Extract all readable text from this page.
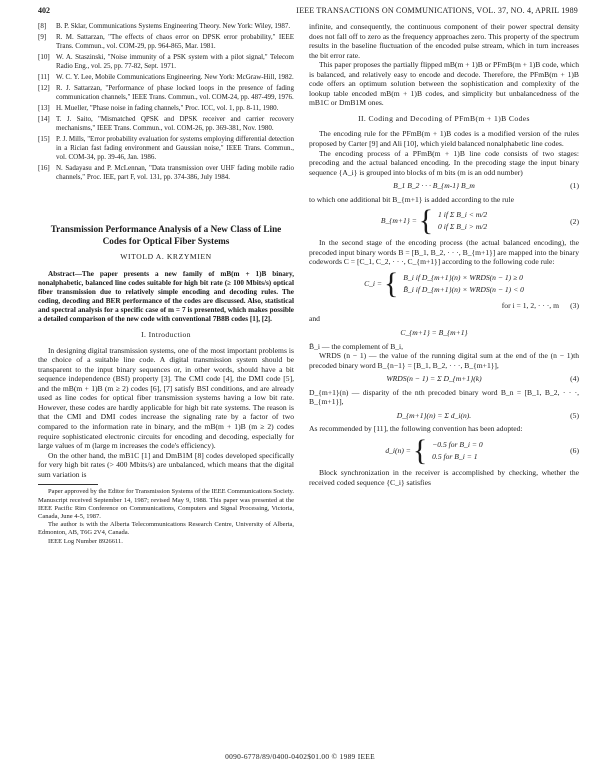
402	IEEE TRANSACTIONS ON COMMUNICATIONS, VOL. 37, NO. 4, APRIL 1989
[8]	B. P. Sklar, Communications Systems Engineering Theory. New York: Wiley, 1987.
[9]	R. M. Sattarzan, "The effects of chaos error on DPSK error probability," IEEE Trans. Commun., vol. COM-29, pp. 964-865, Mar. 1981.
[10] W. A. Staszinski, "Noise immunity of a PSK system with a pilot signal," Telecom Radio Eng., vol. 25, pp. 77-82, Sept. 1971.
[11] W. C. Y. Lee, Mobile Communications Engineering. New York: McGraw-Hill, 1982.
[12] R. J. Sattarzan, "Performance of phase locked loops in the presence of fading communication channels," IEEE Trans. Commun., vol. COM-24, pp. 487-499, 1976.
[13] H. Mueller, "Phase noise in fading channels," Proc. ICC, vol. 1, pp. 8-11, 1980.
[14] T. J. Saito, "Mismatched QPSK and DPSK receiver and carrier recovery mechanisms," IEEE Trans. Commun., vol. COM-26, pp. 369-381, Nov. 1980.
[15] P. J. Mills, "Error probability evaluation for systems employing differential detection in a Rician fast fading environment and Gaussian noise," IEEE Trans. Commun., vol. COM-34, pp. 39-46, Jan. 1986.
[16] N. Sadayasu and P. McLennan, "Data transmission over UHF fading mobile radio channels," Proc. IEE, part F, vol. 131, pp. 374-386, July 1984.
Transmission Performance Analysis of a New Class of Line Codes for Optical Fiber Systems
WITOLD A. KRZYMIEN

Abstract—The paper presents a new family of mB(m + 1)B binary, nonalphabetic, balanced line codes suitable for high bit rate (≥ 100 Mbits/s) optical fiber transmission due to relatively simple encoding and decoding rules. The coding, decoding and BER performance of the codes are discussed. Also, statistical and spectral analysis for a specific case of m = 7 is presented, which makes possible a detailed comparison of the new code with conventional 7B8B codes [1], [2].

I. Introduction

In designing digital transmission systems, one of the most important problems is the choice of a suitable line code. A digital transmission system should be transparent to the input binary sequences or, in other words, should have a bit sequence independence (BSI) property [3]. The CMI code [4], the DMI code [5], and the mB(m + 1)B (m ≥ 2) codes [6], [7] satisfy BSI conditions, and are already used as line codes for optical fiber transmission systems having a low bit rate. However, these codes are hardly applicable for high bit rate systems. The reason is that the CMI and DMI codes increase the signaling rate by a factor of two compared to the information rate in binary, and the mB(m + 1)B (m ≥ 2) codes require sophisticated electronic circuits for encoding and decoding, especially for large values of m (large m increases the code's efficiency).

On the other hand, the mB1C [1] and DmB1M [8] codes developed specifically for very high bit rates (> 400 Mbits/s) are unbalanced, which means that the digital sum variation is

Paper approved by the Editor for Transmission Systems of the IEEE Communications Society. Manuscript received September 14, 1987; revised May 9, 1988. This paper was presented at the IEEE Pacific Rim Conference on Communications, Computers and Signal Processing, Victoria, Canada, June 4-5, 1987.

The author is with the Alberta Telecommunications Research Centre, University of Alberta, Edmonton, AB, T6G 2V4, Canada.

IEEE Log Number 8926611.

infinite, and consequently, the continuous component of their power spectral density does not fall off to zero as the frequency approaches zero. This property of the spectrum results in the baseline fluctuation of the encoded pulse stream, which in turn increases the bit error rate.

This paper proposes the partially flipped mB(m + 1)B or PFmB(m + 1)B code, which is balanced, and relatively easy to encode and decode. Therefore, the PFmB(m + 1)B code offers an optimum solution between the sophistication and complexity of the lookup table encoded mB(m + 1)B codes, and simplicity but unbalancedness of the mB1C or DmB1M ones.

II. Coding and Decoding of PFmB(m + 1)B Codes

The encoding rule for the PFmB(m + 1)B codes is a modified version of the rules proposed by Carter [9] and Ali [10], which yield balanced nonalphabetic line codes.

The encoding process of a PFmB(m + 1)B line code consists of two stages: precoding and the actual balanced encoding. In the precoding stage the input binary sequence {A_i} is grouped into blocks of m bits (m is an odd number)

B_1 B_2 · · · B_{m-1} B_m	(1)

to which one additional bit B_{m+1} is added according to the rule

B_{m+1} = { 1 if Σ B_i < m/2
0 if Σ B_i > m/2
(2)

In the second stage of the encoding process (the actual balanced encoding), the precoded input binary words B = [B_1, B_2, · · ·, B_{m+1}] are mapped into the binary codewords C = [C_1, C_2, · · ·, C_{m+1}] according to the following code rule:

C_i = { B_i if D_{m+1}(n) × WRDS(n − 1) ≥ 0
B̄_i if D_{m+1}(n) × WRDS(n − 1) < 0
for i = 1, 2, · · ·, m	(3)

and

C_{m+1} = B_{m+1}

B̄_i — the complement of B_i,

WRDS (n − 1) — the value of the running digital sum at the end of the (n − 1)th precoded binary word B_{n−1} = [B_1, B_2, · · ·, B_{m+1}],

WRDS(n − 1) = Σ D_{m+1}(k)	(4)

D_{m+1}(n) — disparity of the nth precoded binary word B_n = [B_1, B_2, · · ·, B_{m+1}],

D_{m+1}(n) = Σ d_i(n).	(5)

As recommended by [11], the following convention has been adopted:

d_i(n) = { −0.5 for B_i = 0
0.5 for B_i = 1
(6)

Block synchronization in the receiver is accomplished by checking, whether the received coded sequence {C_i} satisfies

0090-6778/89/0400-0402$01.00 © 1989 IEEE
